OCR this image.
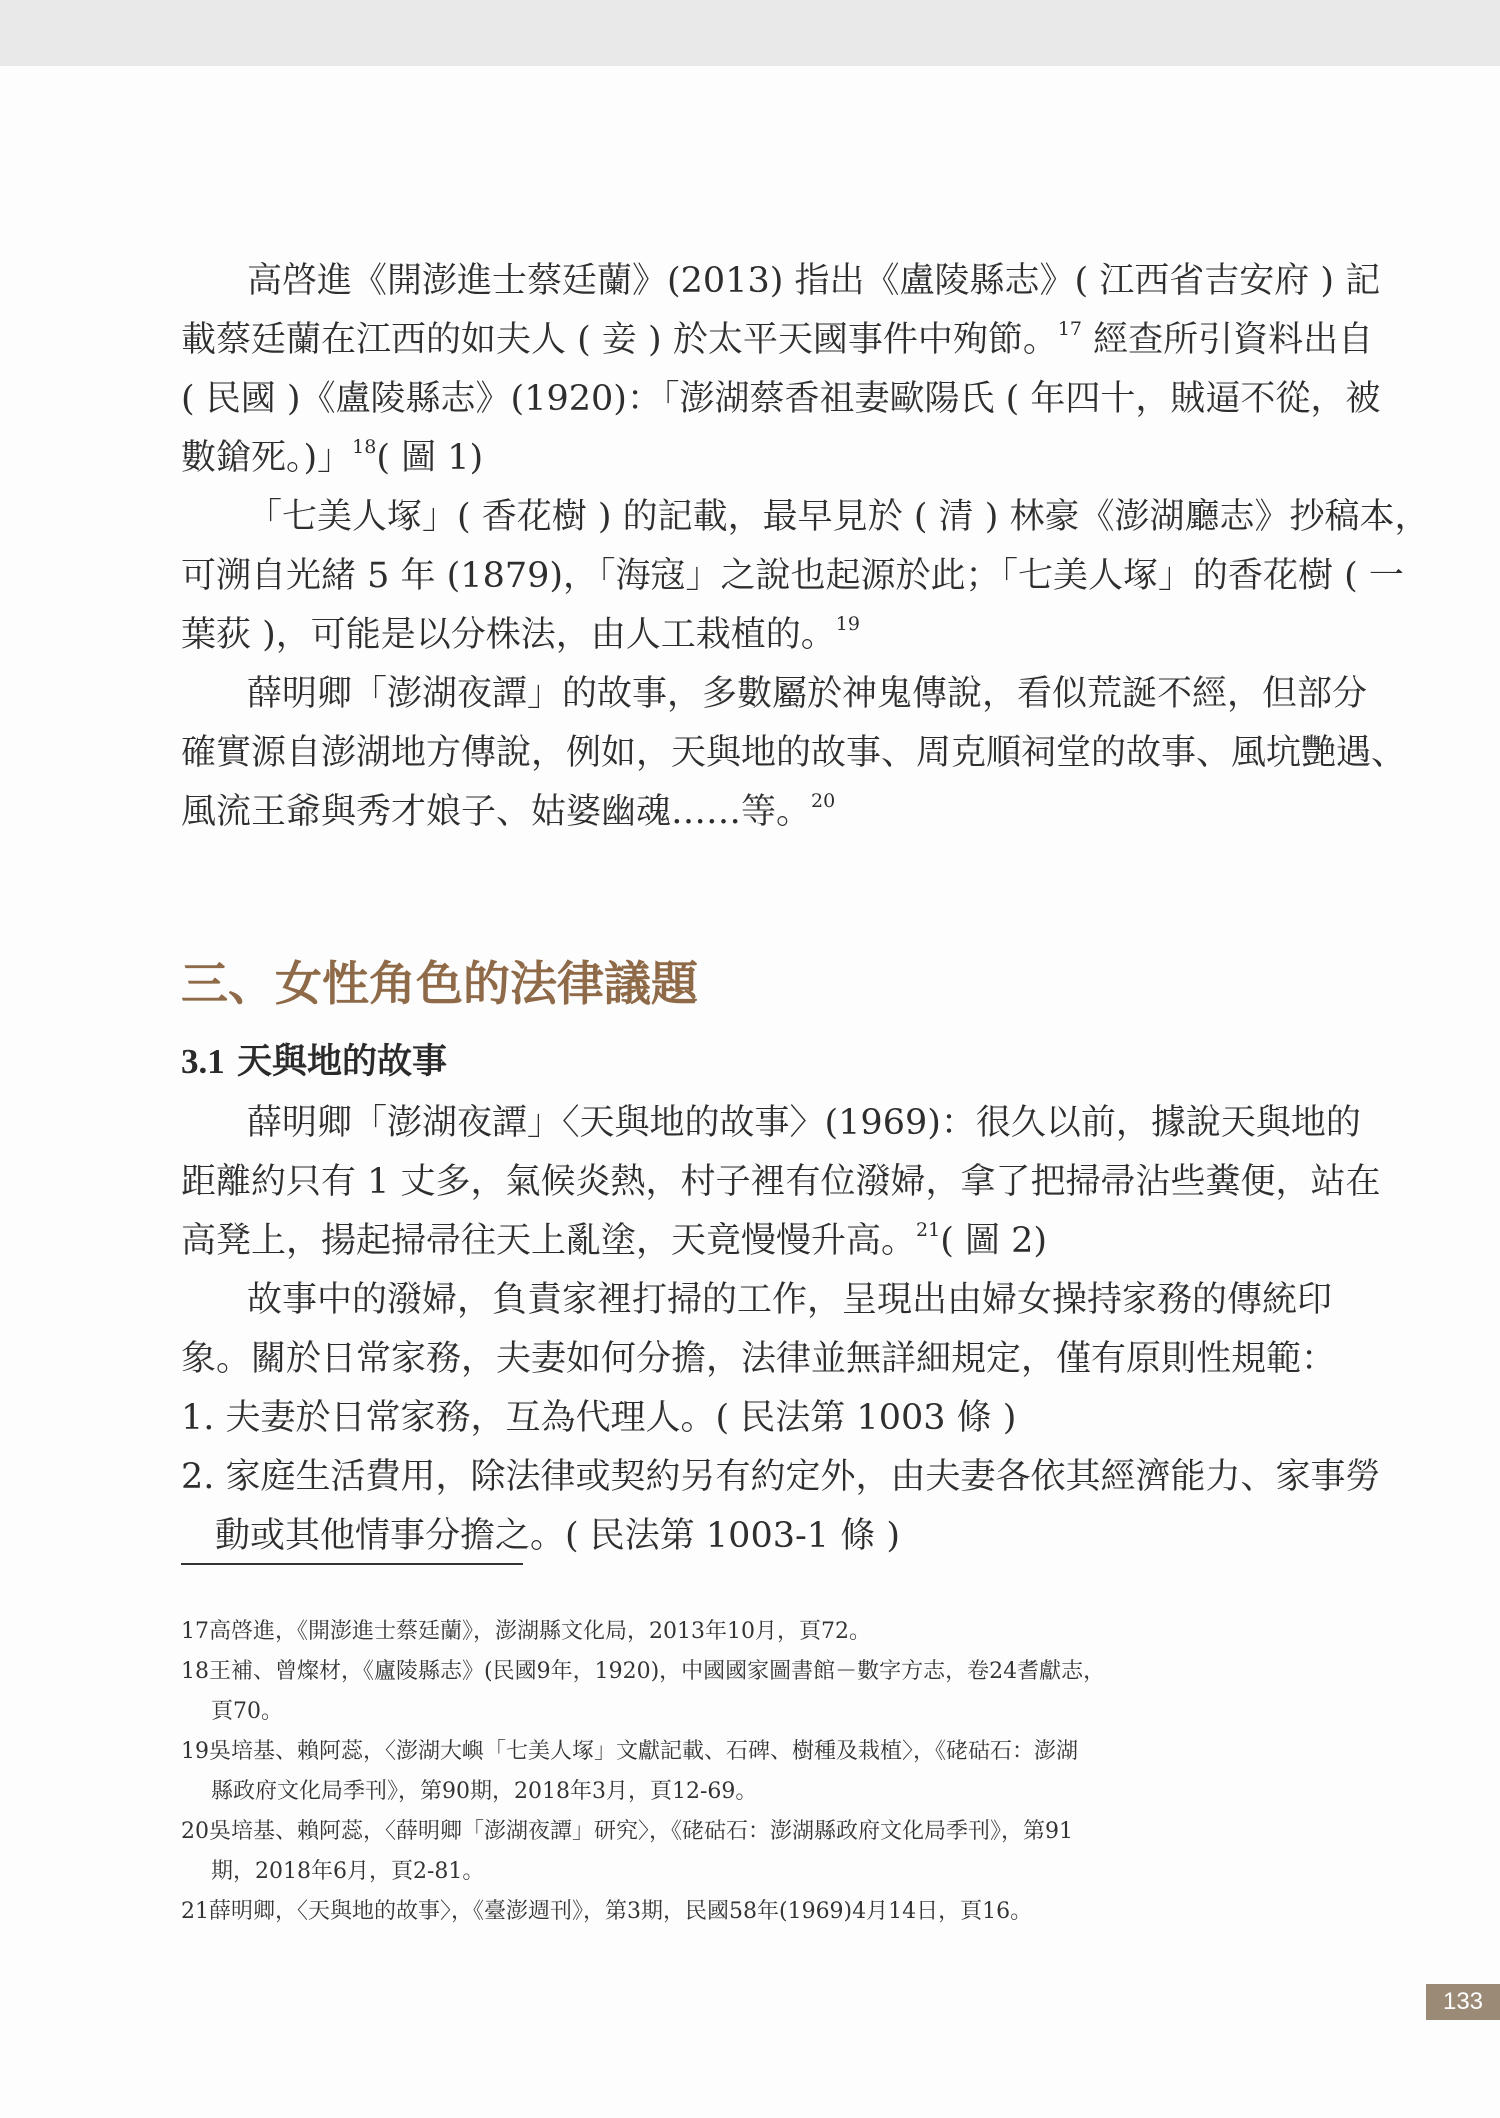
高啓進《開澎進士蔡廷蘭》(2013) 指出《盧陵縣志》( 江西省吉安府 ) 記
載蔡廷蘭在江西的如夫人 ( 妾 ) 於太平天國事件中殉節。$^{17}$ 經查所引資料出自
( 民國 )《盧陵縣志》(1920)：「澎湖蔡香祖妻歐陽氏 ( 年四十，賊逼不從，被
數鎗死。)」$^{18}$( 圖 1)

「七美人塚」( 香花樹 ) 的記載，最早見於 ( 清 ) 林豪《澎湖廳志》抄稿本，
可溯自光緒 5 年 (1879)，「海寇」之說也起源於此；「七美人塚」的香花樹 ( 一
葉荻 )，可能是以分株法，由人工栽植的。$^{19}$

薛明卿「澎湖夜譚」的故事，多數屬於神鬼傳說，看似荒誕不經，但部分
確實源自澎湖地方傳說，例如，天與地的故事、周克順祠堂的故事、風坑艷遇、
風流王爺與秀才娘子、姑婆幽魂……等。$^{20}$

三、女性角色的法律議題
3.1 天與地的故事

薛明卿「澎湖夜譚」〈天與地的故事〉(1969)：很久以前，據說天與地的
距離約只有 1 丈多，氣候炎熱，村子裡有位潑婦，拿了把掃帚沾些糞便，站在
高凳上，揚起掃帚往天上亂塗，天竟慢慢升高。$^{21}$( 圖 2)

故事中的潑婦，負責家裡打掃的工作，呈現出由婦女操持家務的傳統印
象。關於日常家務，夫妻如何分擔，法律並無詳細規定，僅有原則性規範：

1. 夫妻於日常家務，互為代理人。( 民法第 1003 條 )

2. 家庭生活費用，除法律或契約另有約定外，由夫妻各依其經濟能力、家事勞
動或其他情事分擔之。( 民法第 1003-1 條 )

17高啓進，《開澎進士蔡廷蘭》，澎湖縣文化局，2013年10月，頁72。

18王補、曾燦材，《廬陵縣志》(民國9年，1920)，中國國家圖書館－數字方志，卷24耆獻志，
頁70。

19吳培基、賴阿蕊，〈澎湖大嶼「七美人塚」文獻記載、石碑、樹種及栽植〉，《硓𥑮石：澎湖
縣政府文化局季刊》，第90期，2018年3月，頁12-69。

20吳培基、賴阿蕊，〈薛明卿「澎湖夜譚」研究〉，《硓𥑮石：澎湖縣政府文化局季刊》，第91
期，2018年6月，頁2-81。

21薛明卿，〈天與地的故事〉，《臺澎週刊》，第3期，民國58年(1969)4月14日，頁16。

133
